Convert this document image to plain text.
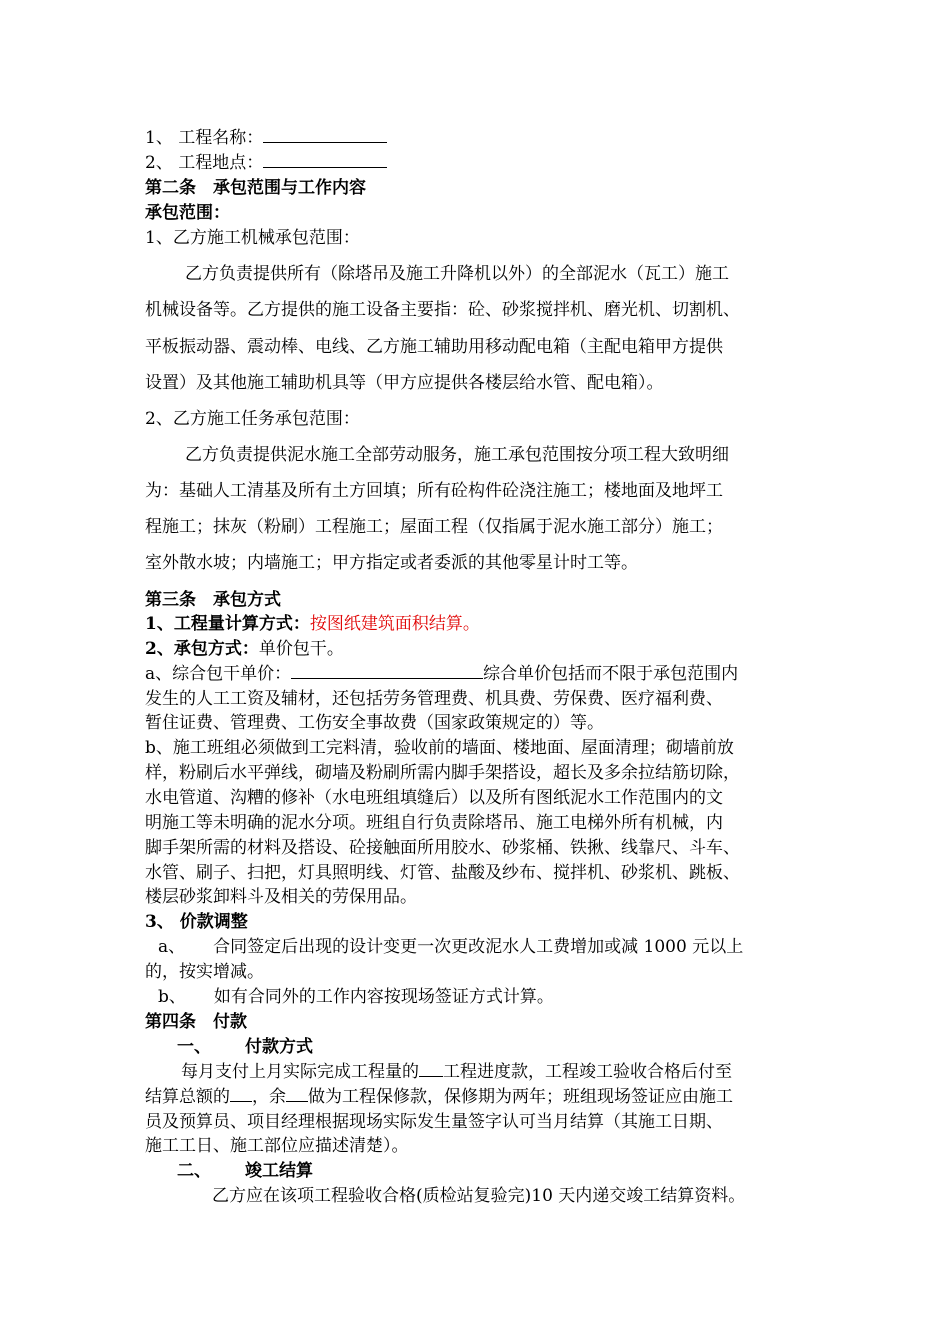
1、 工程名称：
2、 工程地点：
第二条　承包范围与工作内容
承包范围：
1、乙方施工机械承包范围：
乙方负责提供所有（除塔吊及施工升降机以外）的全部泥水（瓦工）施工
机械设备等。乙方提供的施工设备主要指：砼、砂浆搅拌机、磨光机、切割机、
平板振动器、震动棒、电线、乙方施工辅助用移动配电箱（主配电箱甲方提供
设置）及其他施工辅助机具等（甲方应提供各楼层给水管、配电箱）。
2、乙方施工任务承包范围：
乙方负责提供泥水施工全部劳动服务，施工承包范围按分项工程大致明细
为：基础人工清基及所有土方回填；所有砼构件砼浇注施工；楼地面及地坪工
程施工；抹灰（粉刷）工程施工；屋面工程（仅指属于泥水施工部分）施工；
室外散水坡；内墙施工；甲方指定或者委派的其他零星计时工等。
第三条　承包方式
1、工程量计算方式：按图纸建筑面积结算。
2、承包方式：单价包干。
a、综合包干单价：	综合单价包括而不限于承包范围内
发生的人工工资及辅材，还包括劳务管理费、机具费、劳保费、医疗福利费、
暂住证费、管理费、工伤安全事故费（国家政策规定的）等。
b、施工班组必须做到工完料清，验收前的墙面、楼地面、屋面清理；砌墙前放
样，粉刷后水平弹线，砌墙及粉刷所需内脚手架搭设，超长及多余拉结筋切除，
水电管道、沟糟的修补（水电班组填缝后）以及所有图纸泥水工作范围内的文
明施工等未明确的泥水分项。班组自行负责除塔吊、施工电梯外所有机械，内
脚手架所需的材料及搭设、砼接触面所用胶水、砂浆桶、铁揪、线靠尺、斗车、
水管、刷子、扫把，灯具照明线、灯管、盐酸及纱布、搅拌机、砂浆机、跳板、
楼层砂浆卸料斗及相关的劳保用品。
3、 价款调整
a、 合同签定后出现的设计变更一次更改泥水人工费增加或减 1000 元以上
的，按实增减。
b、 如有合同外的工作内容按现场签证方式计算。
第四条　付款
一、 付款方式
每月支付上月实际完成工程量的 工程进度款，工程竣工验收合格后付至
结算总额的 ，余 做为工程保修款，保修期为两年；班组现场签证应由施工
员及预算员、项目经理根据现场实际发生量签字认可当月结算（其施工日期、
施工工日、施工部位应描述清楚）。
二、 竣工结算
乙方应在该项工程验收合格(质检站复验完)10 天内递交竣工结算资料。
